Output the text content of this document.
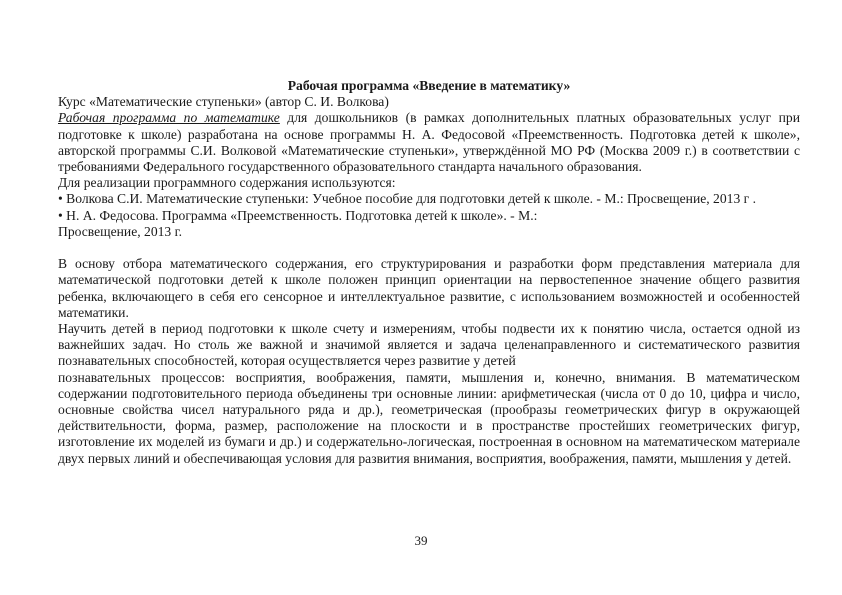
Рабочая программа «Введение в математику»

Курс «Математические ступеньки» (автор С. И. Волкова)

Рабочая программа по математике для дошкольников (в рамках дополнительных платных образовательных услуг при подготовке к школе) разработана на основе программы Н. А. Федосовой «Преемственность. Подготовка детей к школе», авторской программы С.И. Волковой «Математические ступеньки», утверждённой МО РФ (Москва 2009 г.) в соответствии с требованиями Федерального государственного образовательного стандарта начального образования.

Для реализации программного содержания используются:

• Волкова С.И. Математические ступеньки: Учебное пособие для подготовки детей к школе. - М.: Просвещение, 2013 г .

• Н. А. Федосова. Программа «Преемственность. Подготовка детей к школе». - М.:

Просвещение, 2013 г.

В основу отбора математического содержания, его структурирования и разработки форм представления материала для математической подготовки детей к школе положен принцип ориентации на первостепенное значение общего развития ребенка, включающего в себя его сенсорное и интеллектуальное развитие, с использованием возможностей и особенностей математики.

Научить детей в период подготовки к школе счету и измерениям, чтобы подвести их к понятию числа, остается одной из важнейших задач. Но столь же важной и значимой является и задача целенаправленного и систематического развития познавательных способностей, которая осуществляется через развитие у детей

познавательных процессов: восприятия, воображения, памяти, мышления и, конечно, внимания. В математическом содержании подготовительного периода объединены три основные линии: арифметическая (числа от 0 до 10, цифра и число, основные свойства чисел натурального ряда и др.), геометрическая (прообразы геометрических фигур в окружающей действительности, форма, размер, расположение на плоскости и в пространстве простейших геометрических фигур, изготовление их моделей из бумаги и др.) и содержательно-логическая, построенная в основном на математическом материале двух первых линий и обеспечивающая условия для развития внимания, восприятия, воображения, памяти, мышления у детей.

39
